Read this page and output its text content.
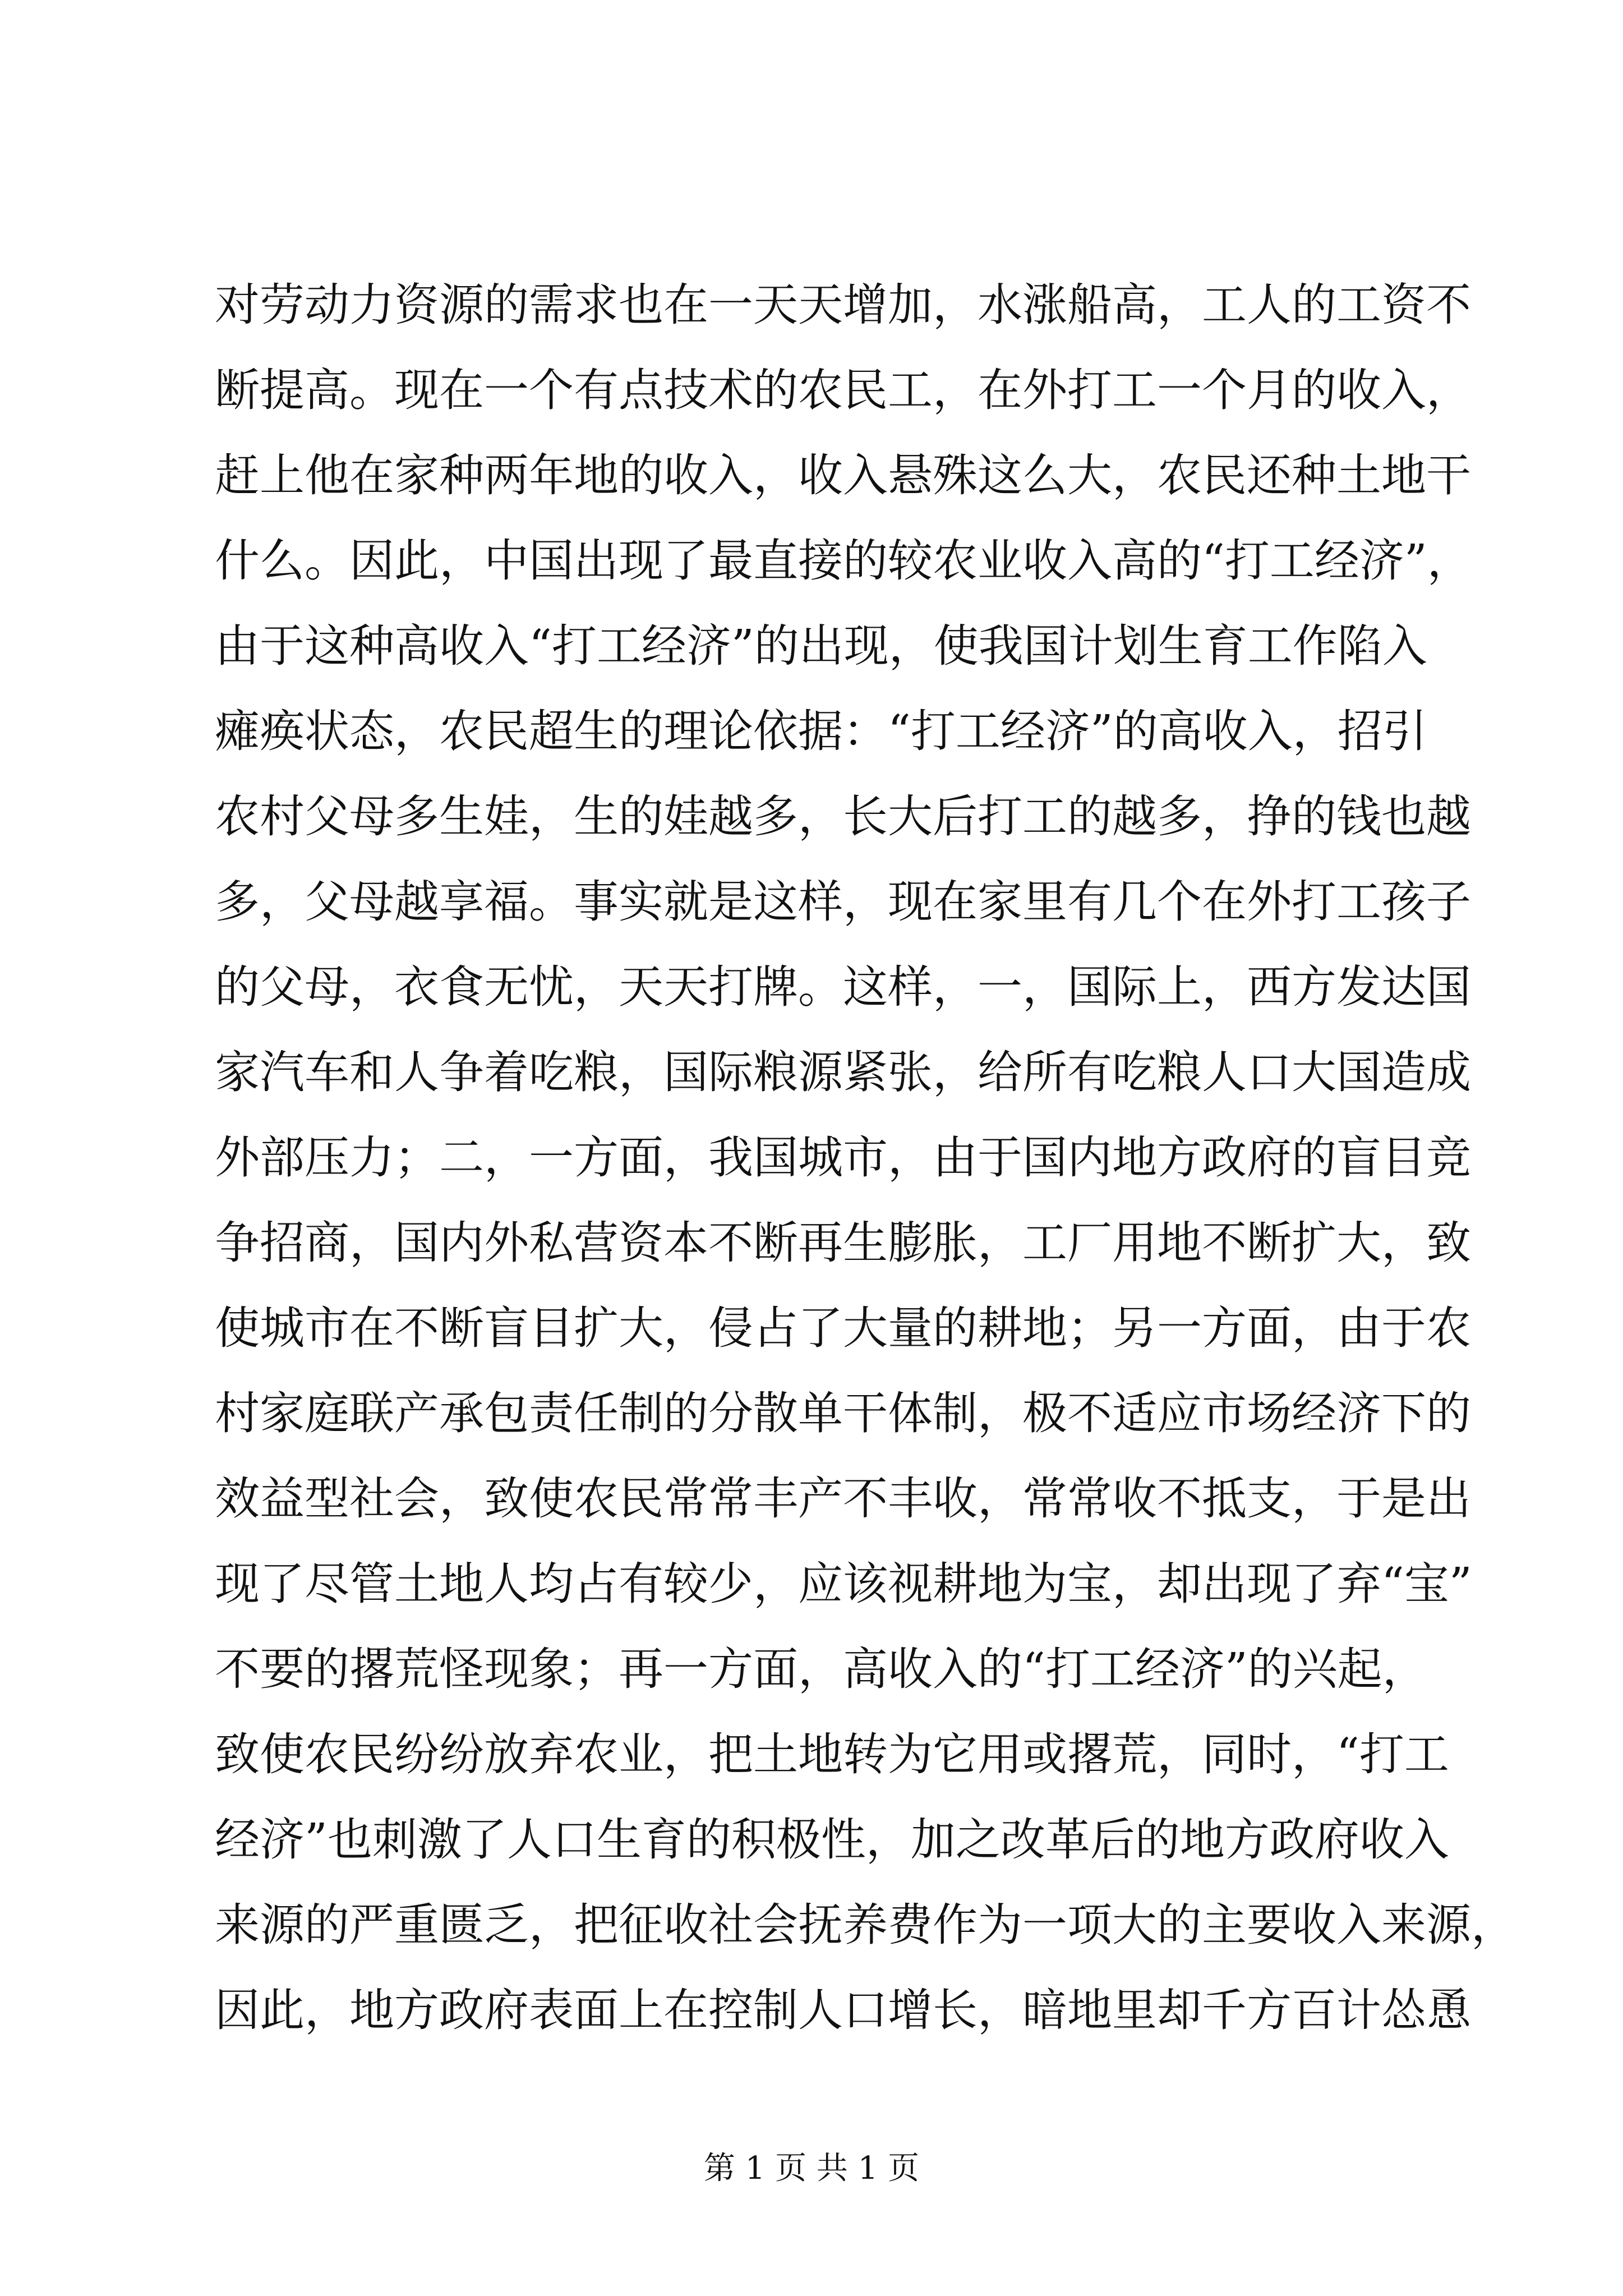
对劳动力资源的需求也在一天天增加，水涨船高，工人的工资不
断提高。现在一个有点技术的农民工，在外打工一个月的收入，
赶上他在家种两年地的收入，收入悬殊这么大，农民还种土地干
什么。因此，中国出现了最直接的较农业收入高的“打工经济”，
由于这种高收入“打工经济”的出现，使我国计划生育工作陷入
瘫痪状态，农民超生的理论依据：“打工经济”的高收入，招引
农村父母多生娃，生的娃越多，长大后打工的越多，挣的钱也越
多，父母越享福。事实就是这样，现在家里有几个在外打工孩子
的父母，衣食无忧，天天打牌。这样，一，国际上，西方发达国
家汽车和人争着吃粮，国际粮源紧张，给所有吃粮人口大国造成
外部压力；二，一方面，我国城市，由于国内地方政府的盲目竞
争招商，国内外私营资本不断再生膨胀，工厂用地不断扩大，致
使城市在不断盲目扩大，侵占了大量的耕地；另一方面，由于农
村家庭联产承包责任制的分散单干体制，极不适应市场经济下的
效益型社会，致使农民常常丰产不丰收，常常收不抵支，于是出
现了尽管土地人均占有较少，应该视耕地为宝，却出现了弃“宝”
不要的撂荒怪现象；再一方面，高收入的“打工经济”的兴起，
致使农民纷纷放弃农业，把土地转为它用或撂荒，同时，“打工
经济”也刺激了人口生育的积极性，加之改革后的地方政府收入
来源的严重匮乏，把征收社会抚养费作为一项大的主要收入来源，
因此，地方政府表面上在控制人口增长，暗地里却千方百计怂恿
第 1 页 共 1 页
